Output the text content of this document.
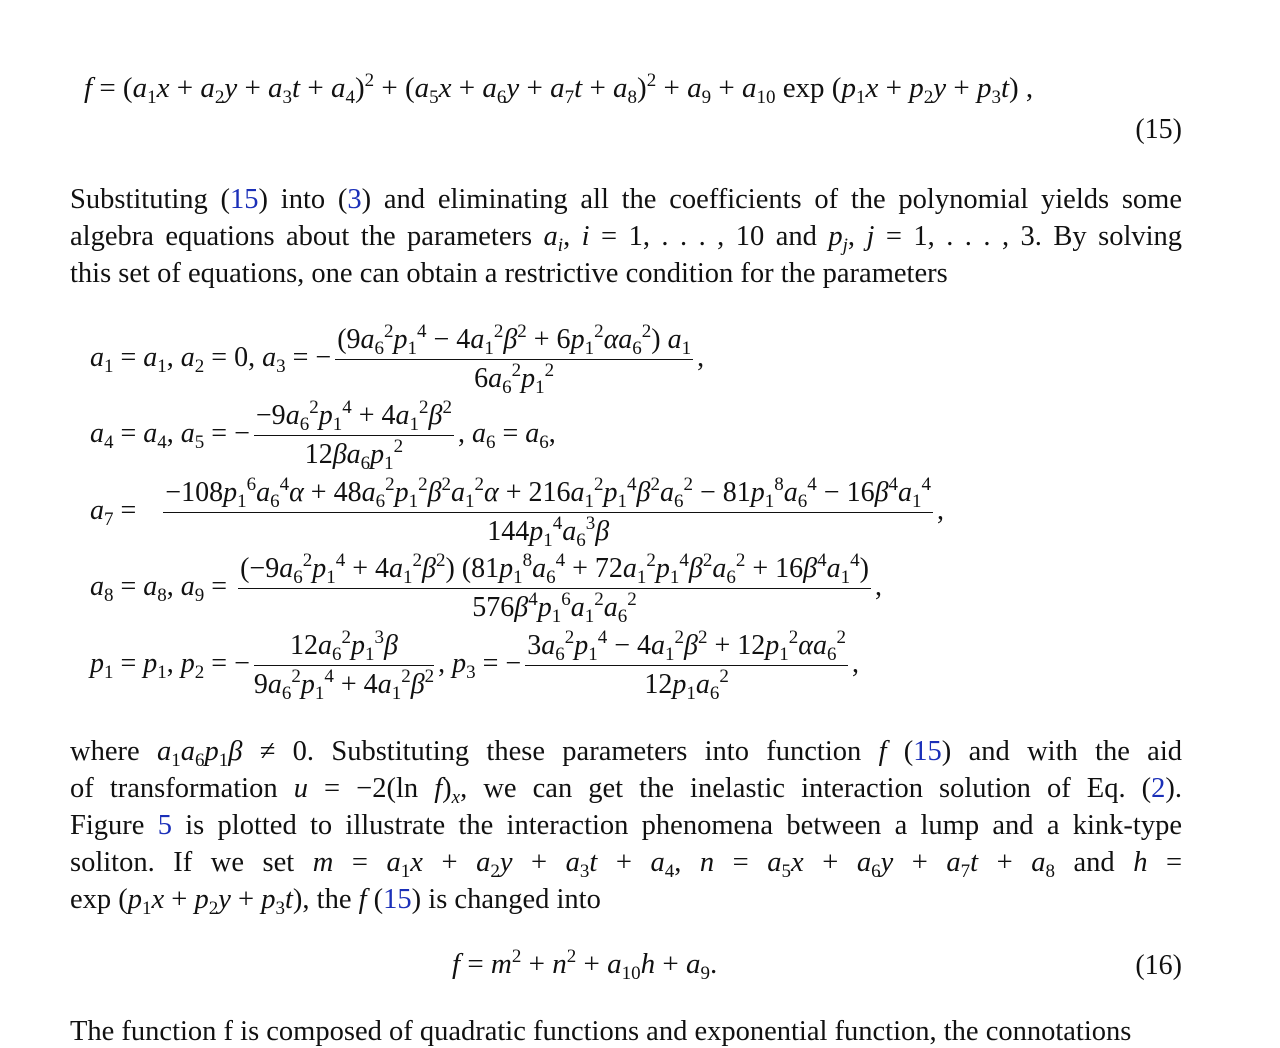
$f = (a_1x + a_2y + a_3t + a_4)^2 + (a_5x + a_6y + a_7t + a_8)^2 + a_9 + a_{10}$ $\exp (p_1x + p_2y + p_3t)$ ,
(15)
Substituting (15) into (3) and eliminating all the coefficients of the polynomial yields some
algebra equations about the parameters $a_i$, i = 1, . . . , 10 and $p_j$, j = 1, . . . , 3. By solving
this set of equations, one can obtain a restrictive condition for the parameters
$a_1 = a_1$, $a_2 = 0$, $a_3$ = − $\frac{(9a_6^2p_1^4 - 4a_1^2\beta^2 + 6p_1^2\alpha a_6^2) a_1}{6a_6^2p_1^2}$ ,
$a_4 = a_4$, $a_5$ = − $\frac{-9a_6^2p_1^4 + 4a_1^2\beta^2}{12\beta a_6p_1^2}$ , $a_6 = a_6$,
$a_7$ =
$-108p_1^6a_6^4\alpha + 48a_6^2p_1^2\beta^2a_1^2\alpha + 216a_1^2p_1^4\beta^2a_6^2 - 81p_1^8a_6^4 - 16\beta^4a_1^4$
$144p_1^4a_6^3\beta$
,
$a_8 = a_8$, $a_9 = \frac{(-9a_6^2p_1^4 + 4a_1^2\beta^2) (81p_1^8a_6^4 + 72a_1^2p_1^4\beta^2a_6^2 + 16\beta^4a_1^4)}{576\beta^4p_1^6a_1^2a_6^2}$ ,
$p_1 = p_1$, $p_2$ = − $\frac{12a_6^2p_1^3\beta}{9a_6^2p_1^4 + 4a_1^2\beta^2}$ , $p_3$ = − $\frac{3a_6^2p_1^4 - 4a_1^2\beta^2 + 12p_1^2\alpha a_6^2}{12p_1a_6^2}$ ,
where $a_1a_6p_1\beta \ne 0$. Substituting these parameters into function f (15) and with the aid
of transformation u = −2(ln $f)_x$, we can get the inelastic interaction solution of Eq. (2).
Figure 5 is plotted to illustrate the interaction phenomena between a lump and a kink-type
soliton. If we set $m = a_1x + a_2y + a_3t + a_4$, $n = a_5x + a_6y + a_7t + a_8$ and h =
$\exp (p_1x + p_2y + p_3t)$, the f (15) is changed into
$f = m^2 + n^2 + a_{10}h + a_9$.	(16)
The function f is composed of quadratic functions and exponential function, the connotations
